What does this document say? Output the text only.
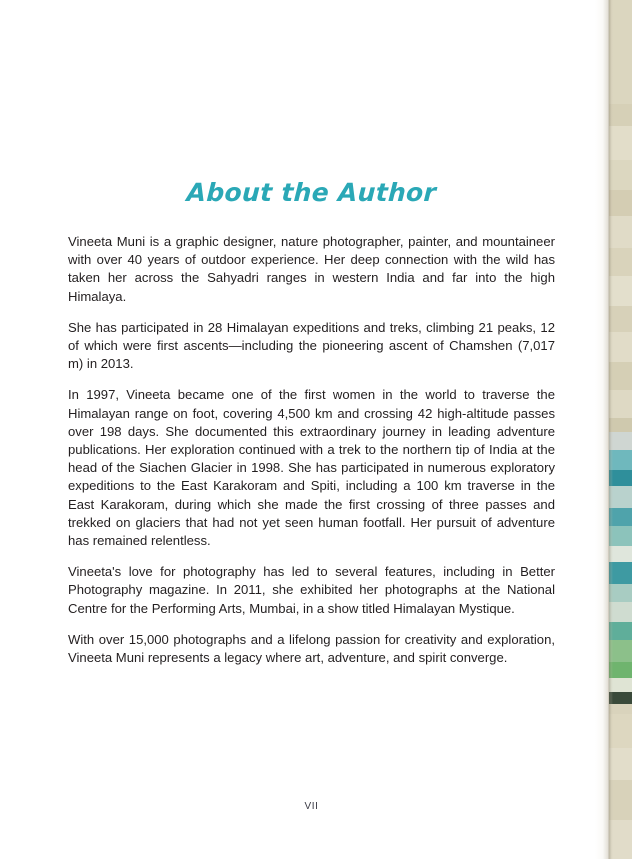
About the Author

Vineeta Muni is a graphic designer, nature photographer, painter, and mountaineer with over 40 years of outdoor experience. Her deep connection with the wild has taken her across the Sahyadri ranges in western India and far into the high Himalaya.

She has participated in 28 Himalayan expeditions and treks, climbing 21 peaks, 12 of which were first ascents—including the pioneering ascent of Chamshen (7,017 m) in 2013.

In 1997, Vineeta became one of the first women in the world to traverse the Himalayan range on foot, covering 4,500 km and crossing 42 high-altitude passes over 198 days. She documented this extraordinary journey in leading adventure publications. Her exploration continued with a trek to the northern tip of India at the head of the Siachen Glacier in 1998. She has participated in numerous exploratory expeditions to the East Karakoram and Spiti, including a 100 km traverse in the East Karakoram, during which she made the first crossing of three passes and trekked on glaciers that had not yet seen human footfall. Her pursuit of adventure has remained relentless.

Vineeta's love for photography has led to several features, including in Better Photography magazine. In 2011, she exhibited her photographs at the National Centre for the Performing Arts, Mumbai, in a show titled Himalayan Mystique.

With over 15,000 photographs and a lifelong passion for creativity and exploration, Vineeta Muni represents a legacy where art, adventure, and spirit converge.

VII
